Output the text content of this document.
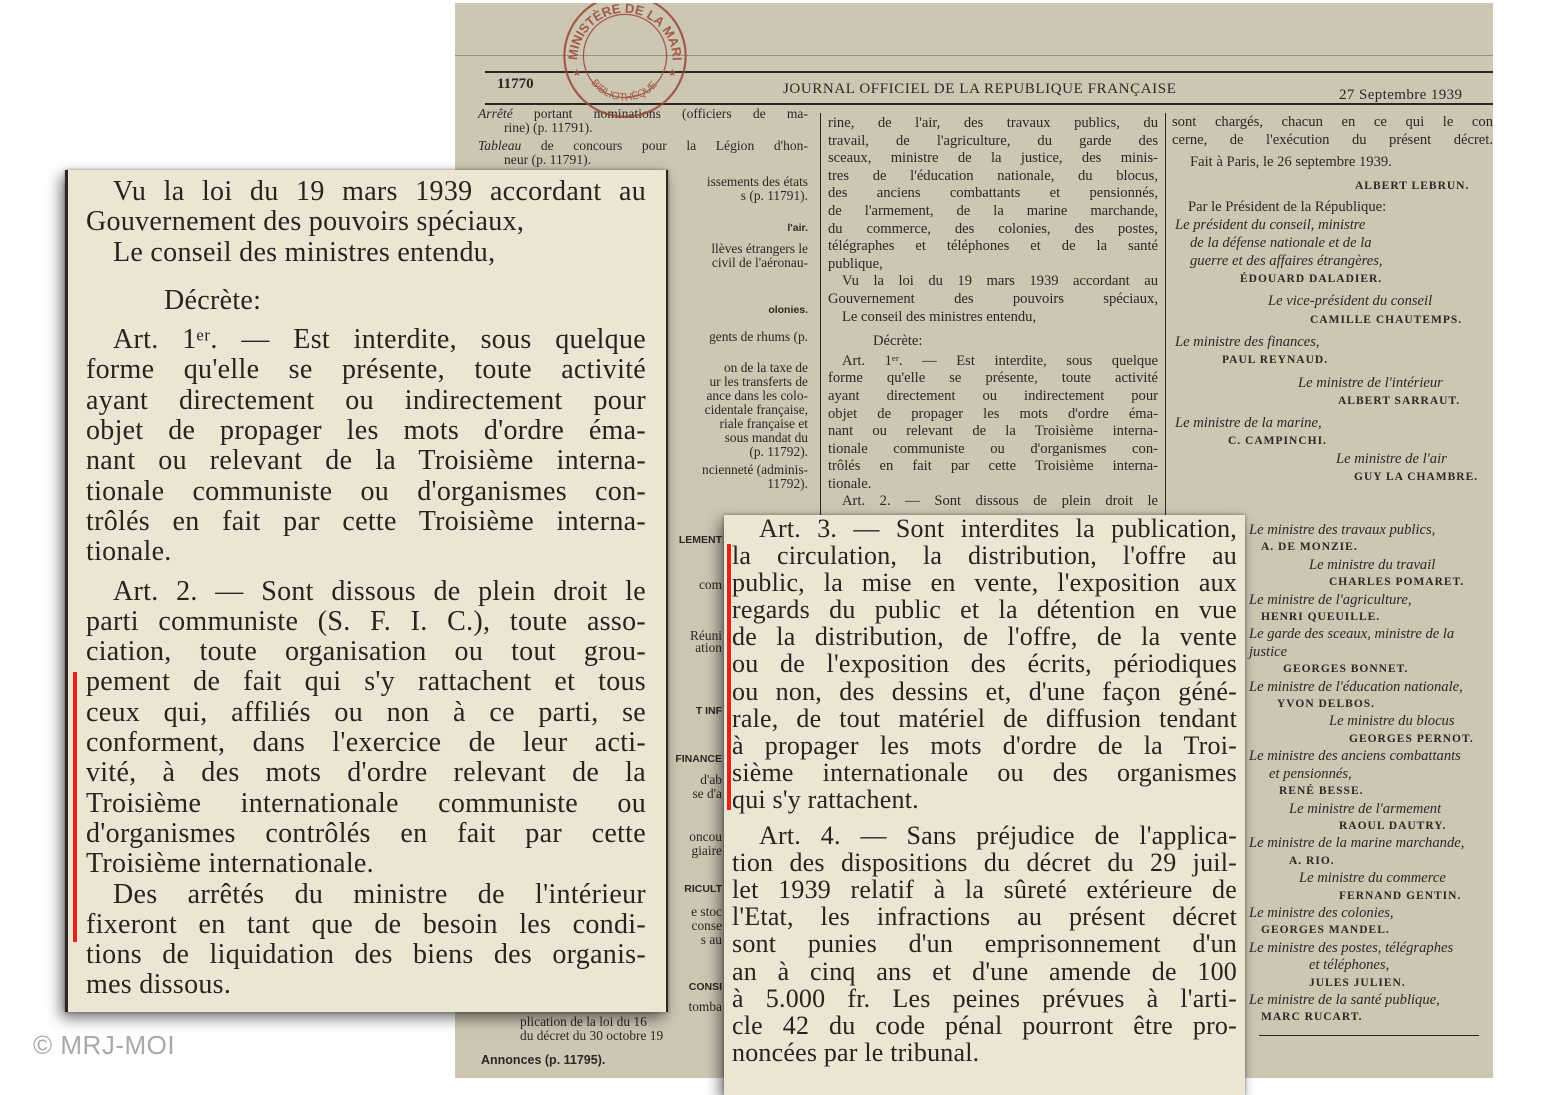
11770	JOURNAL OFFICIEL DE LA REPUBLIQUE FRANÇAISE	27 Septembre 1939
Arrêté portant nominations (officiers de ma-
rine) (p. 11791).
Tableau de concours pour la Légion d'hon-
neur (p. 11791).
issements des états
s (p. 11791).
l'air.
llèves étrangers le
civil de l'aéronau-
olonies.
gents de rhums (p.
on de la taxe de
ur les transferts de
ance dans les colo-
cidentale française,
riale française et
sous mandat du
(p. 11792).
ncienneté (adminis-
11792).
LEMENT
com
Réuni
ation
T INF
FINANCE
d'ab
se d'a
oncou
giaire
RICULT
e stoc
conse
s au
CONSI
tomba
plication de la loi du 16
du décret du 30 octobre 19
Annonces (p. 11795).
rine, de l'air, des travaux publics, du
travail, de l'agriculture, du garde des
sceaux, ministre de la justice, des minis-
tres de l'éducation nationale, du blocus,
des anciens combattants et pensionnés,
de l'armement, de la marine marchande,
du commerce, des colonies, des postes,
télégraphes et téléphones et de la santé
publique,
Vu la loi du 19 mars 1939 accordant au
Gouvernement des pouvoirs spéciaux,
Le conseil des ministres entendu,
Décrète:
Art. 1ᵉʳ. — Est interdite, sous quelque
forme qu'elle se présente, toute activité
ayant directement ou indirectement pour
objet de propager les mots d'ordre éma-
nant ou relevant de la Troisième interna-
tionale communiste ou d'organismes con-
trôlés en fait par cette Troisième interna-
tionale.
Art. 2. — Sont dissous de plein droit le
sont chargés, chacun en ce qui le con
cerne, de l'exécution du présent décret.
Fait à Paris, le 26 septembre 1939.
ALBERT LEBRUN.
Par le Président de la République:
Le président du conseil, ministre
de la défense nationale et de la
guerre et des affaires étrangères,
ÉDOUARD DALADIER.
Le vice-président du conseil
CAMILLE CHAUTEMPS.
Le ministre des finances,
PAUL REYNAUD.
Le ministre de l'intérieur
ALBERT SARRAUT.
Le ministre de la marine,
C. CAMPINCHI.
Le ministre de l'air
GUY LA CHAMBRE.
Le ministre des travaux publics,
A. DE MONZIE.
Le ministre du travail
CHARLES POMARET.
Le ministre de l'agriculture,
HENRI QUEUILLE.
Le garde des sceaux, ministre de la justice
GEORGES BONNET.
Le ministre de l'éducation nationale,
YVON DELBOS.
Le ministre du blocus
GEORGES PERNOT.
Le ministre des anciens combattants
et pensionnés,
RENÉ BESSE.
Le ministre de l'armement
RAOUL DAUTRY.
Le ministre de la marine marchande,
A. RIO.
Le ministre du commerce
FERNAND GENTIN.
Le ministre des colonies,
GEORGES MANDEL.
Le ministre des postes, télégraphes
et téléphones,
JULES JULIEN.
Le ministre de la santé publique,
MARC RUCART.
MINISTÈRE DE LA MARI
BIBLIOTHÈQUE
★	★
Vu la loi du 19 mars 1939 accordant au
Gouvernement des pouvoirs spéciaux,
Le conseil des ministres entendu,
Décrète:
Art. 1ᵉʳ. — Est interdite, sous quelque
forme qu'elle se présente, toute activité
ayant directement ou indirectement pour
objet de propager les mots d'ordre éma-
nant ou relevant de la Troisième interna-
tionale communiste ou d'organismes con-
trôlés en fait par cette Troisième interna-
tionale.
Art. 2. — Sont dissous de plein droit le
parti communiste (S. F. I. C.), toute asso-
ciation, toute organisation ou tout grou-
pement de fait qui s'y rattachent et tous
ceux qui, affiliés ou non à ce parti, se
conforment, dans l'exercice de leur acti-
vité, à des mots d'ordre relevant de la
Troisième internationale communiste ou
d'organismes contrôlés en fait par cette
Troisième internationale.
Des arrêtés du ministre de l'intérieur
fixeront en tant que de besoin les condi-
tions de liquidation des biens des organis-
mes dissous.
Art. 3. — Sont interdites la publication,
la circulation, la distribution, l'offre au
public, la mise en vente, l'exposition aux
regards du public et la détention en vue
de la distribution, de l'offre, de la vente
ou de l'exposition des écrits, périodiques
ou non, des dessins et, d'une façon géné-
rale, de tout matériel de diffusion tendant
à propager les mots d'ordre de la Troi-
sième internationale ou des organismes
qui s'y rattachent.
Art. 4. — Sans préjudice de l'applica-
tion des dispositions du décret du 29 juil-
let 1939 relatif à la sûreté extérieure de
l'Etat, les infractions au présent décret
sont punies d'un emprisonnement d'un
an à cinq ans et d'une amende de 100
à 5.000 fr. Les peines prévues à l'arti-
cle 42 du code pénal pourront être pro-
noncées par le tribunal.
© MRJ-MOI
